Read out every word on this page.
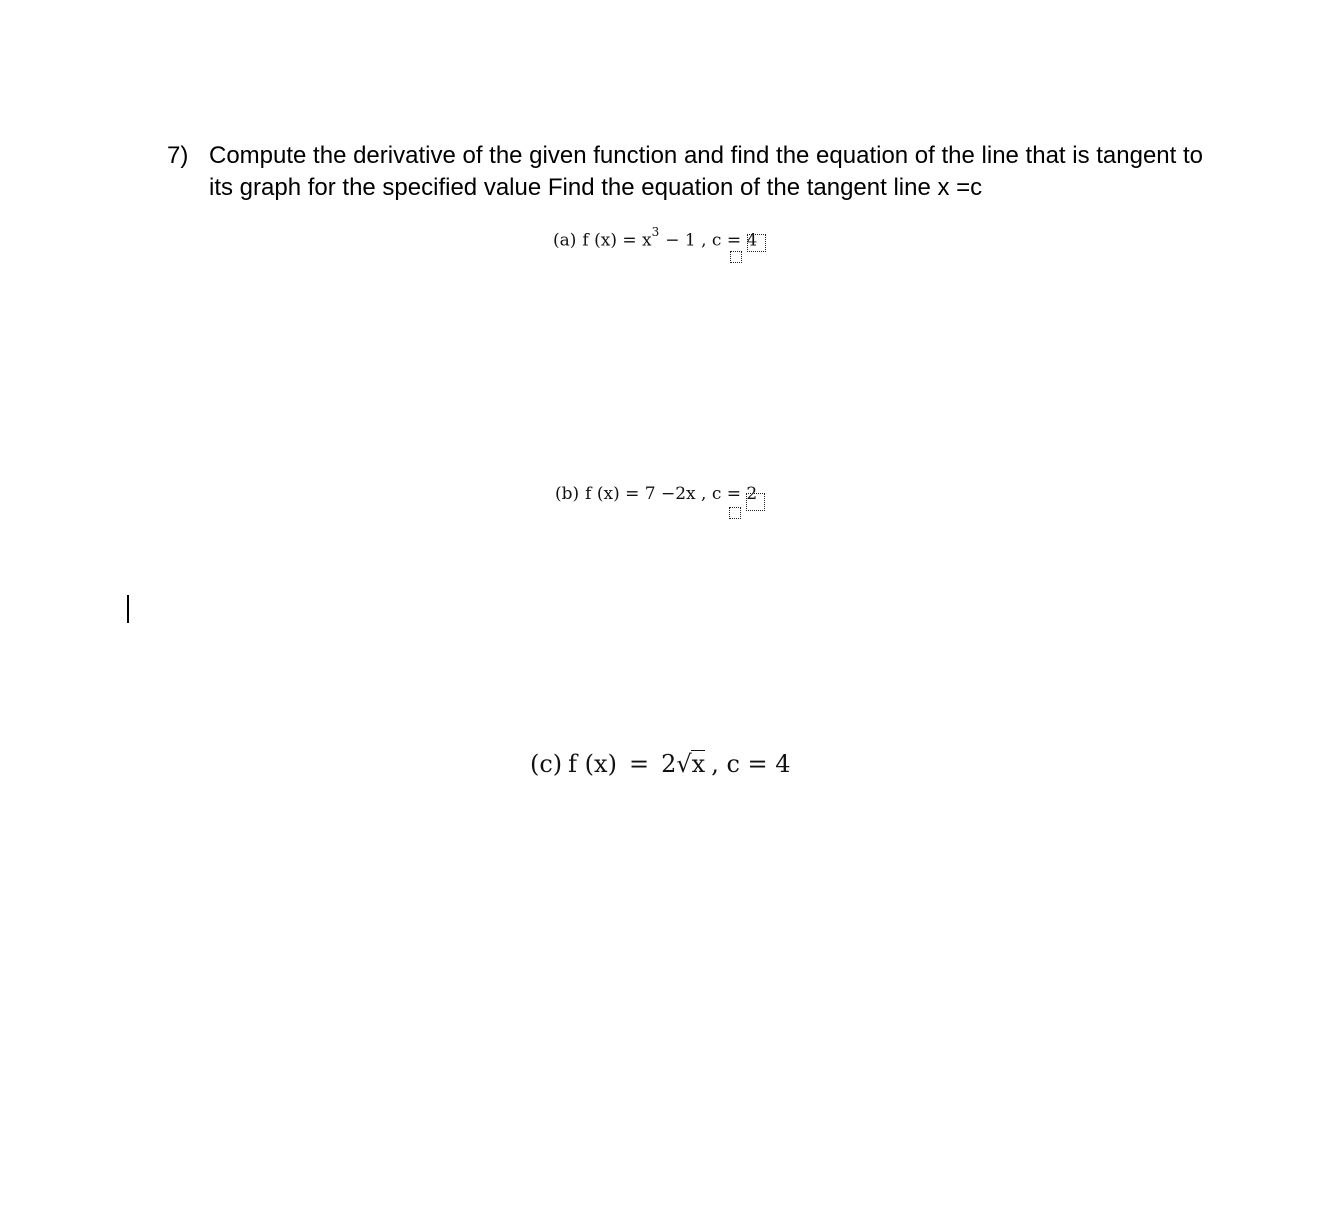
7) Compute the derivative of the given function and find the equation of the line that is tangent to
its graph for the specified value Find the equation of the tangent line x =c
(a) f $(x) = x^3 - 1$ , c = 4
(b) f (x) = 7 −2x , c = 2
(c) f (x) = 2√x , c = 4
